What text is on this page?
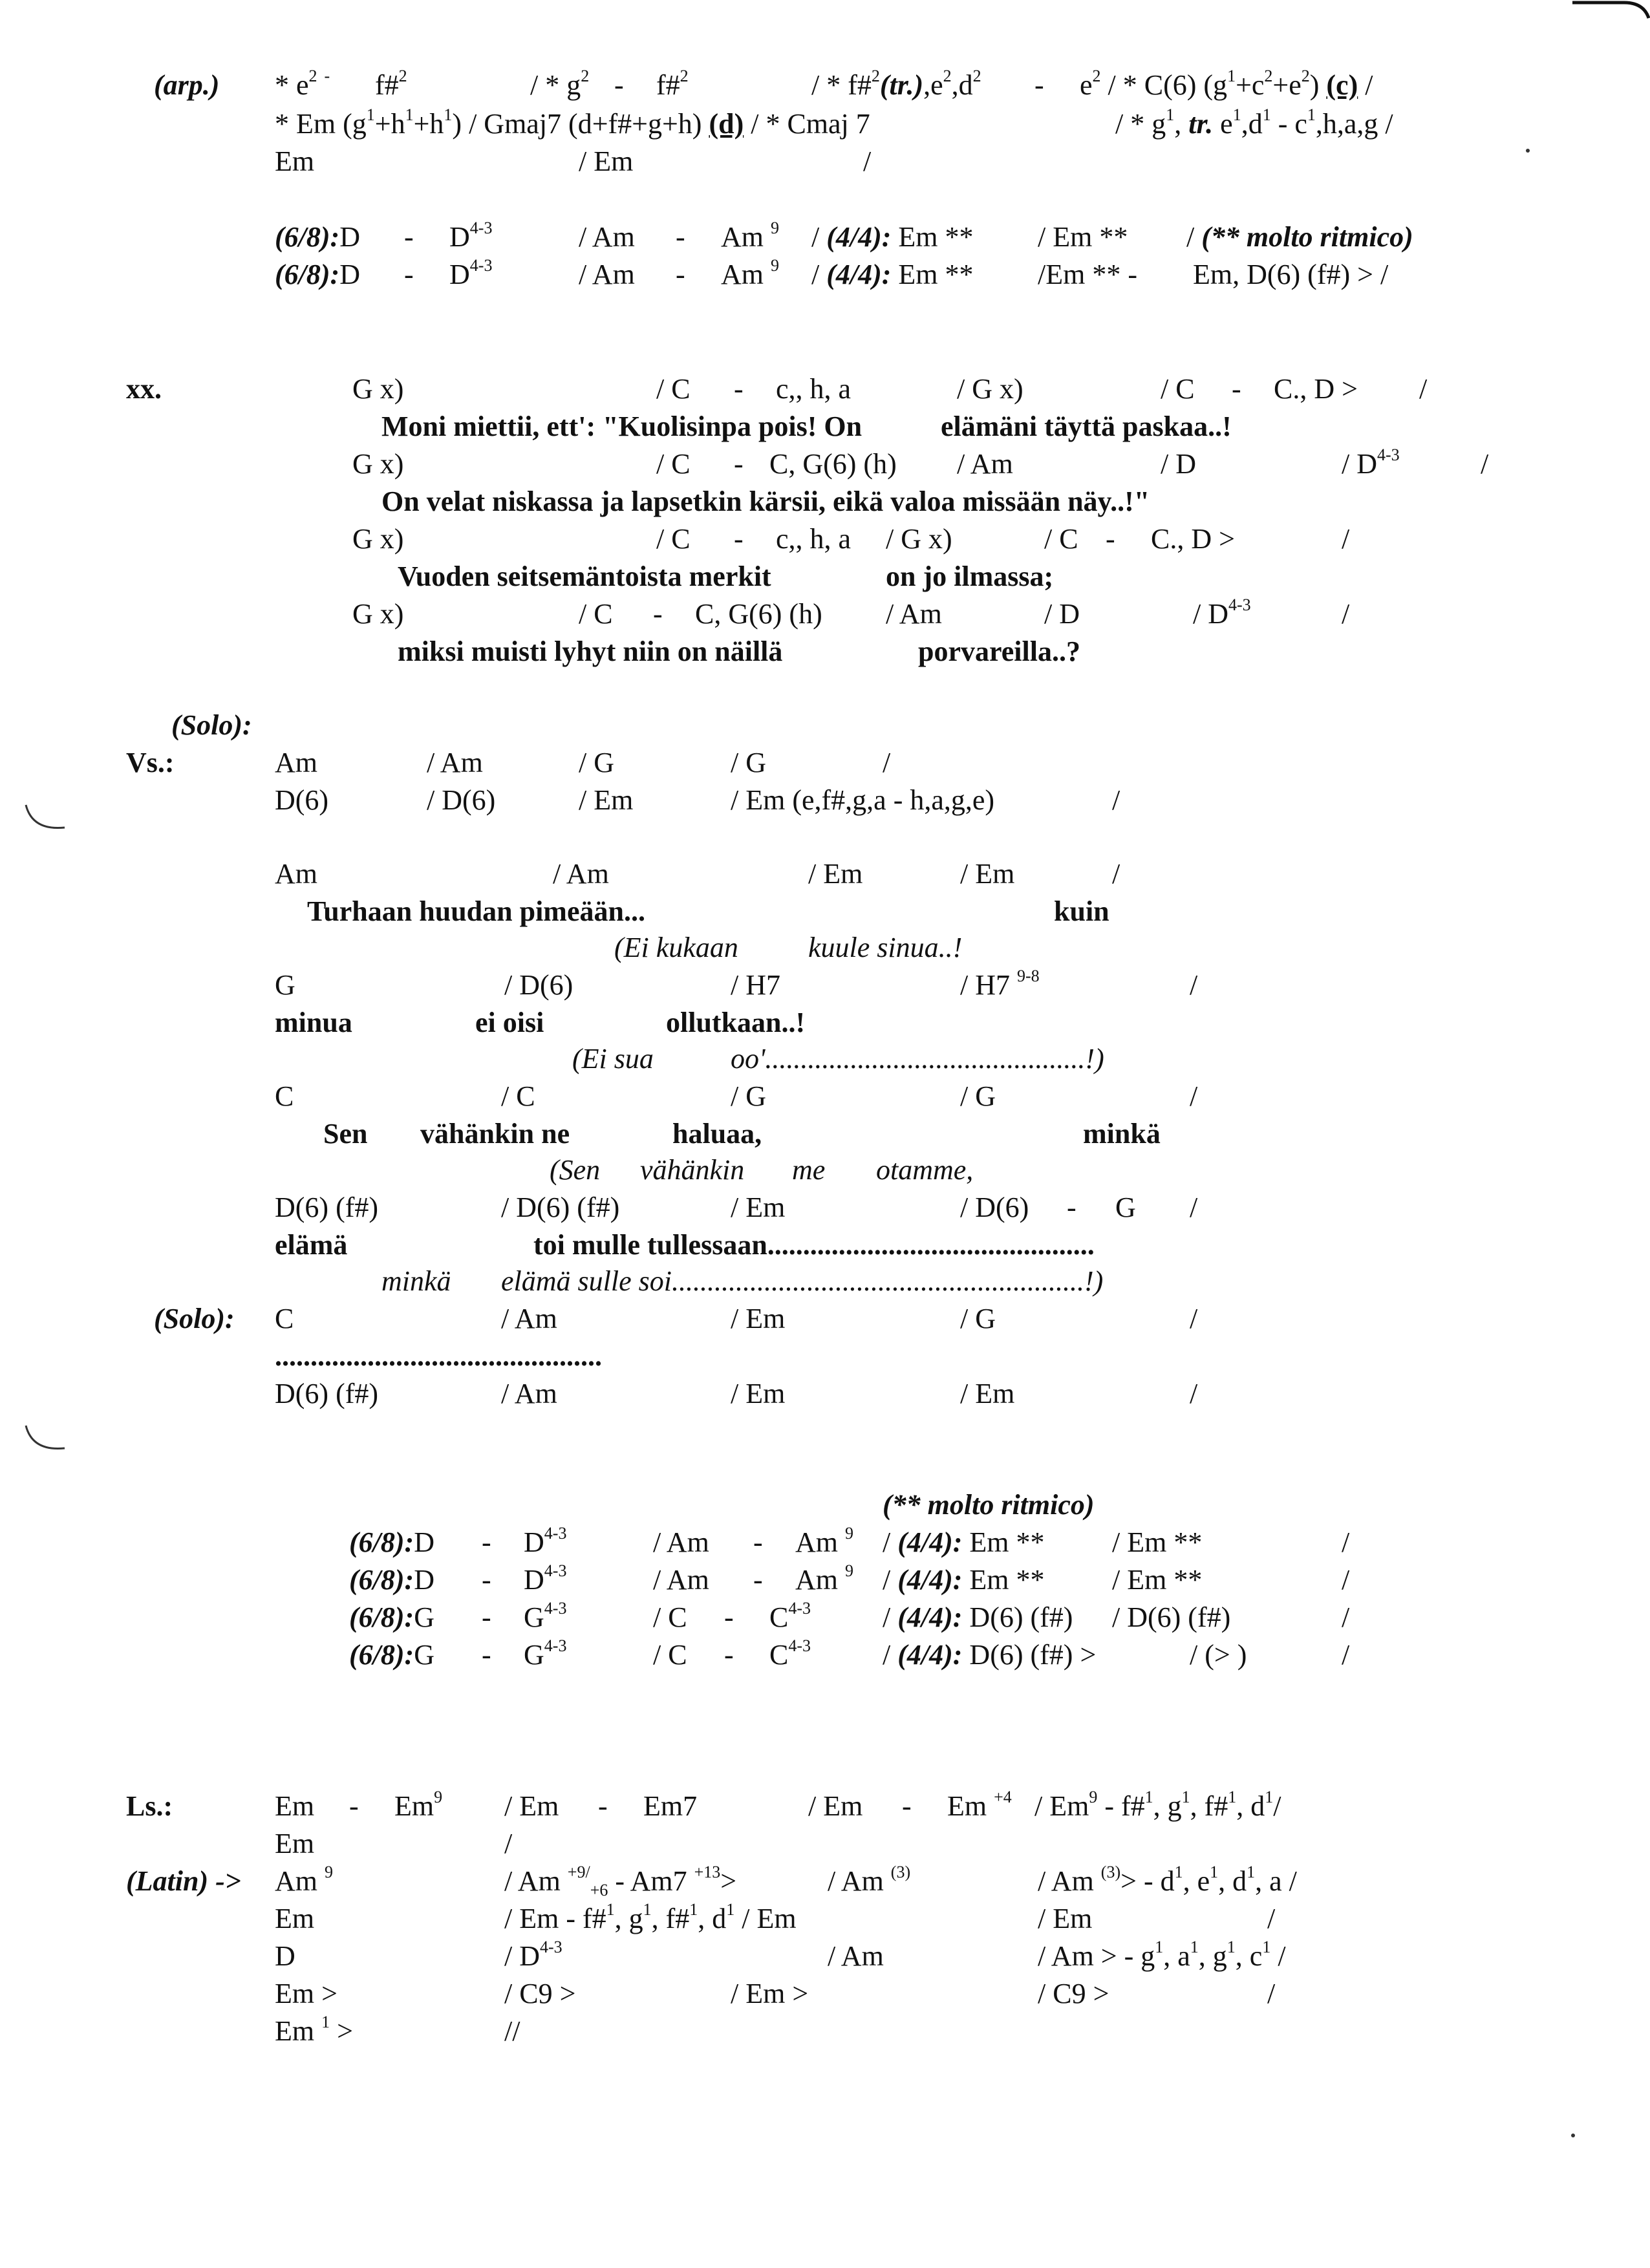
$(arp.) * e^2$ - f#$^2$	/ * $g^2$ - f#$^2$	/ * $f\#^2(tr.),e^2,d^2 - e^2$ / * C(6) $(g^1+c^2+e^2)$ (c) /
* Em $(g^1+h^1+h^1)$ / Gmaj7 (d+f#+g+h) (d) / * Cmaj 7	/ * $g^1$, tr. $e^1,d^1 - c^1,h,a,g$ /
Em	/ Em	/
(6/8):D - $D^{4-3}$	/ Am - Am $^9$ / (4/4): Em ** / Em ** / (** molto ritmico)
(6/8):D - $D^{4-3}$	/ Am - Am $^9$ / (4/4): Em ** /Em ** - Em, D(6) (f#) > /
xx.	G x)	/ C - c,, h, a	/ G x)	/ C - C., D > /
Moni miettii, ett': "Kuolisinpa pois! On	elämäni täyttä paskaa..!
G x)	/ C - C, G(6) (h) / Am	/ D	/ $D^{4-3}$	/
On velat niskassa ja lapsetkin kärsii, eikä valoa missään näy..!"
G x)	/ C - c,, h, a / G x)	/ C - C., D >	/
Vuoden seitsemäntoista merkit	on jo ilmassa;
G x)	/ C - C, G(6) (h) / Am	/ D	/ $D^{4-3}$	/
miksi muisti lyhyt niin on näillä	porvareilla..?
(Solo):
Vs.:	Am	/ Am	/ G	/ G	/
D(6)	/ D(6)	/ Em	/ Em (e,f#,g,a - h,a,g,e)	/
Am	/ Am	/ Em	/ Em	/
Turhaan huudan pimeään...	kuin
(Ei kukaan kuule sinua..!
G	/ D(6)	/ H7	/ H7 $^{9-8}$	/
minua	ei oisi	ollutkaan..!
(Ei sua	oo'.............................................!)
C	/ C	/ G	/ G	/
Sen vähänkin ne	haluaa,	minkä
(Sen vähänkin me otamme,
D(6) (f#)	/ D(6) (f#)	/ Em	/ D(6) - G /
elämä	toi mulle tullessaan..............................................
minkä elämä sulle soi..........................................................!)
(Solo): C	/ Am	/ Em	/ G	/
..............................................
D(6) (f#)	/ Am	/ Em	/ Em	/
(** molto ritmico)
(6/8):D - $D^{4-3}$	/ Am - Am $^9$ / (4/4): Em ** / Em **	/
(6/8):D - $D^{4-3}$	/ Am - Am $^9$ / (4/4): Em ** / Em **	/
(6/8):G - $G^{4-3}$	/ C - $C^{4-3}$	/ (4/4): D(6) (f#) / D(6) (f#)	/
(6/8):G - $G^{4-3}$	/ C - $C^{4-3}$	/ (4/4): D(6) (f#) >	/ (> )	/
Ls.:	Em - Em$^9$ / Em - Em7	/ Em - Em $^{+4}$ / Em$^9$ - f#$^1$, $g^1$, f#$^1$, $d^1/$
Em	/
(Latin) -> Am $^9$	/ Am $^{+9/}_{+6}$ - Am7 $^{+13}$>	/ Am $^{(3)}$	/ Am $^{(3)}> - d^1$, $e^1$, $d^1$, a /
Em	/ Em - f#$^1$, $g^1$, f#$^1$, $d^1$ / Em	/ Em	/
D	/ $D^{4-3}$	/ Am	/ Am > - $g^1$, $a^1$, $g^1$, $c^1$ /
Em >	/ C9 >	/ Em >	/ C9 >	/
Em $^1$ >	//
